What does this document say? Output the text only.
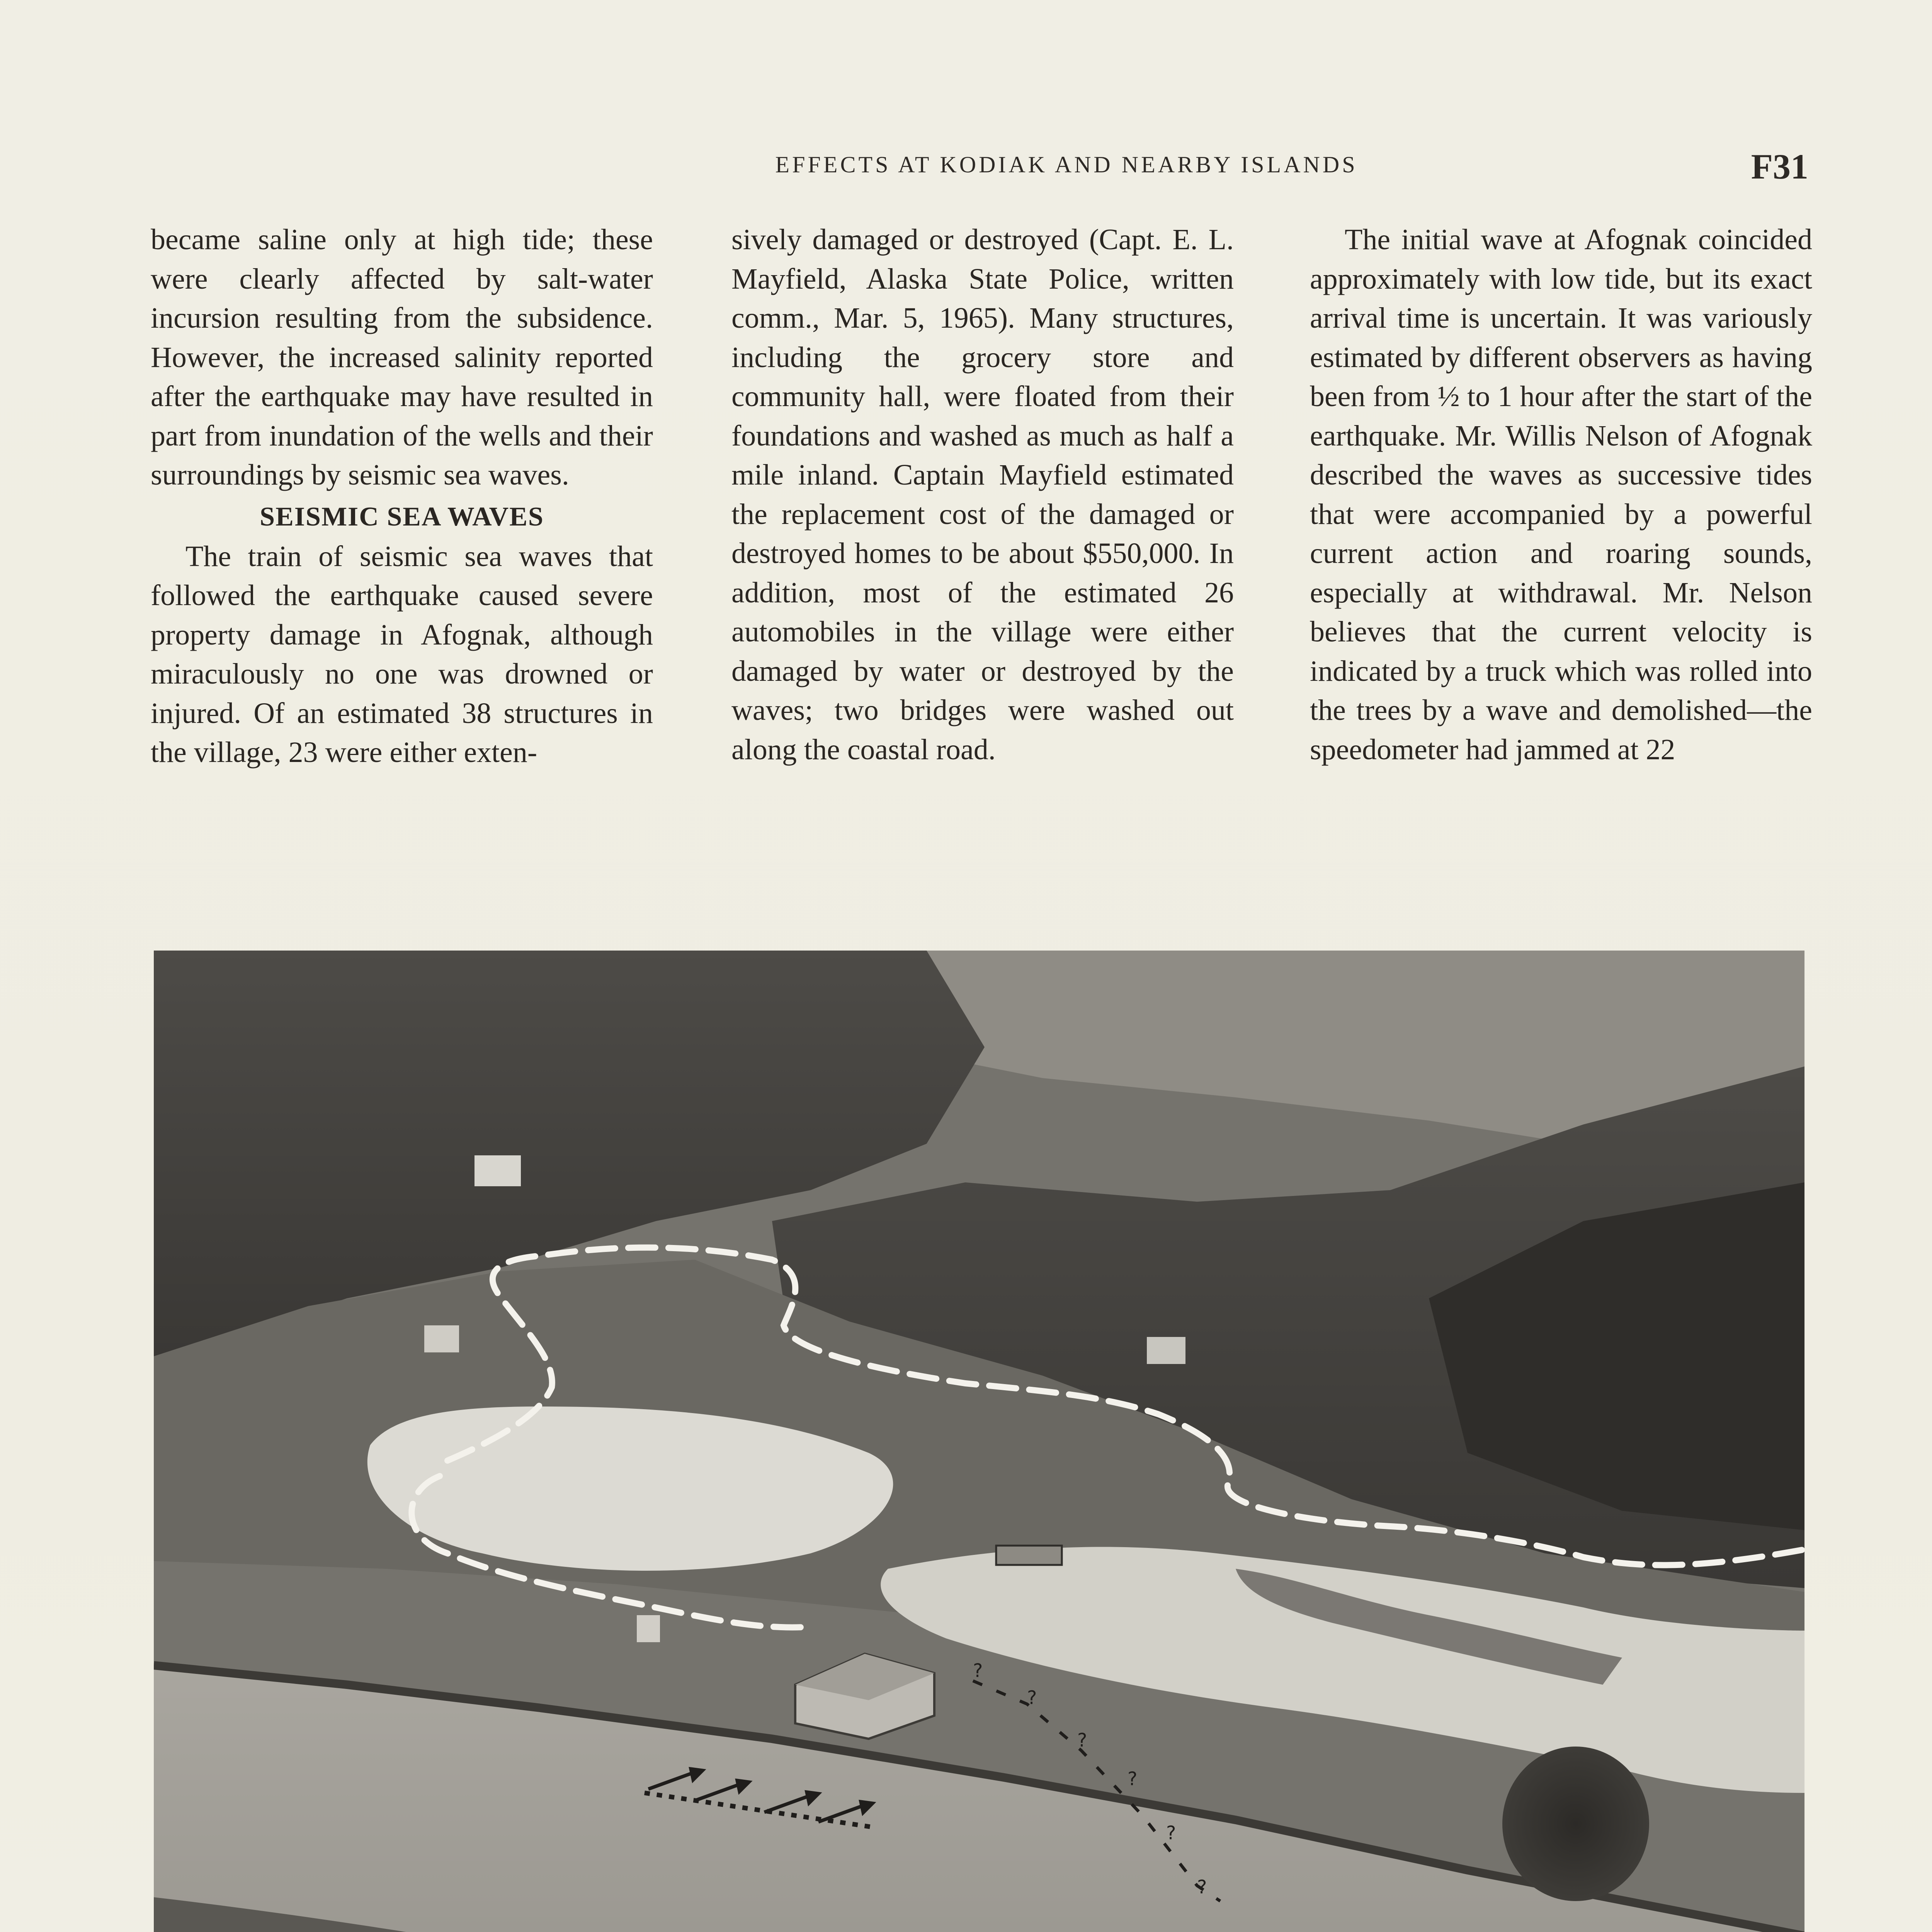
EFFECTS AT KODIAK AND NEARBY ISLANDS	F31

became saline only at high tide; these were clearly affected by salt-water incursion resulting from the subsidence. However, the increased salinity reported after the earthquake may have resulted in part from inundation of the wells and their surroundings by seismic sea waves.

SEISMIC SEA WAVES

The train of seismic sea waves that followed the earthquake caused severe property damage in Afognak, although miraculously no one was drowned or injured. Of an estimated 38 structures in the village, 23 were either exten-

sively damaged or destroyed (Capt. E. L. Mayfield, Alaska State Police, written comm., Mar. 5, 1965). Many structures, including the grocery store and community hall, were floated from their foundations and washed as much as half a mile inland. Captain Mayfield estimated the replacement cost of the damaged or destroyed homes to be about $550,000. In addition, most of the estimated 26 automobiles in the village were either damaged by water or destroyed by the waves; two bridges were washed out along the coastal road.

The initial wave at Afognak coincided approximately with low tide, but its exact arrival time is uncertain. It was variously estimated by different observers as having been from ½ to 1 hour after the start of the earthquake. Mr. Willis Nelson of Afognak described the waves as successive tides that were accompanied by a powerful current action and roaring sounds, especially at withdrawal. Mr. Nelson believes that the current velocity is indicated by a truck which was rolled into the trees by a wave and demolished—the speedometer had jammed at 22

?
?
?
?
?
?
